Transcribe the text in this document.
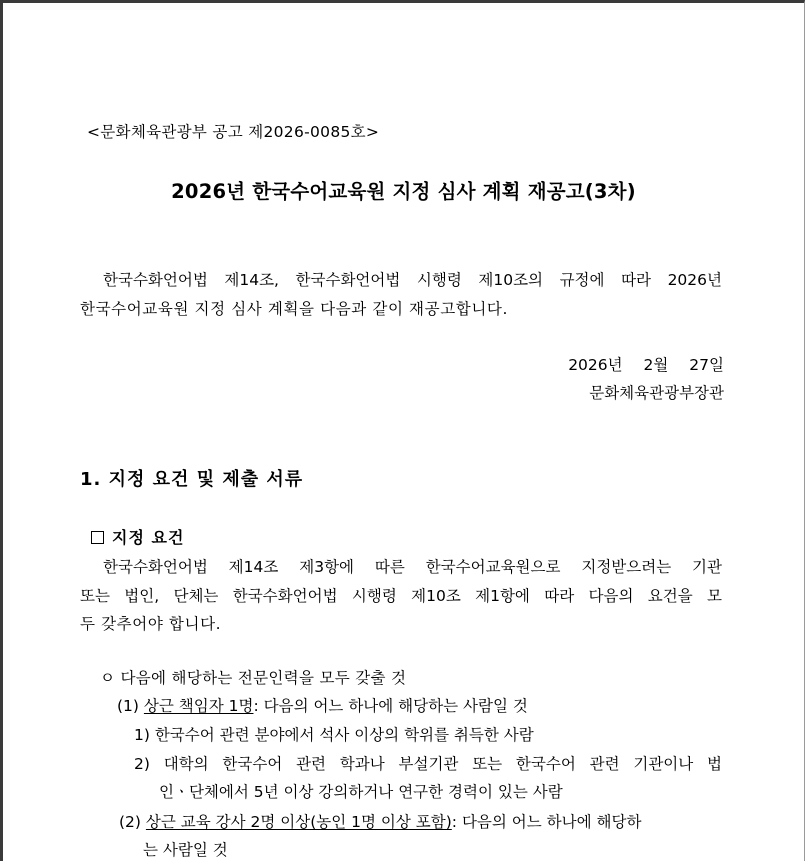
<문화체육관광부 공고 제2026-0085호>
2026년 한국수어교육원 지정 심사 계획 재공고(3차)
한국수화언어법 제14조, 한국수화언어법 시행령 제10조의 규정에 따라 2026년
한국수어교육원 지정 심사 계획을 다음과 같이 재공고합니다.
2026년 2월 27일
문화체육관광부장관
1. 지정 요건 및 제출 서류
지정 요건
한국수화언어법 제14조 제3항에 따른 한국수어교육원으로 지정받으려는 기관
또는 법인, 단체는 한국수화언어법 시행령 제10조 제1항에 따라 다음의 요건을 모
두 갖추어야 합니다.
ㅇ 다음에 해당하는 전문인력을 모두 갖출 것
(1) 상근 책임자 1명: 다음의 어느 하나에 해당하는 사람일 것
1) 한국수어 관련 분야에서 석사 이상의 학위를 취득한 사람
2) 대학의 한국수어 관련 학과나 부설기관 또는 한국수어 관련 기관이나 법
인ㆍ단체에서 5년 이상 강의하거나 연구한 경력이 있는 사람
(2) 상근 교육 강사 2명 이상(농인 1명 이상 포함): 다음의 어느 하나에 해당하
는 사람일 것
